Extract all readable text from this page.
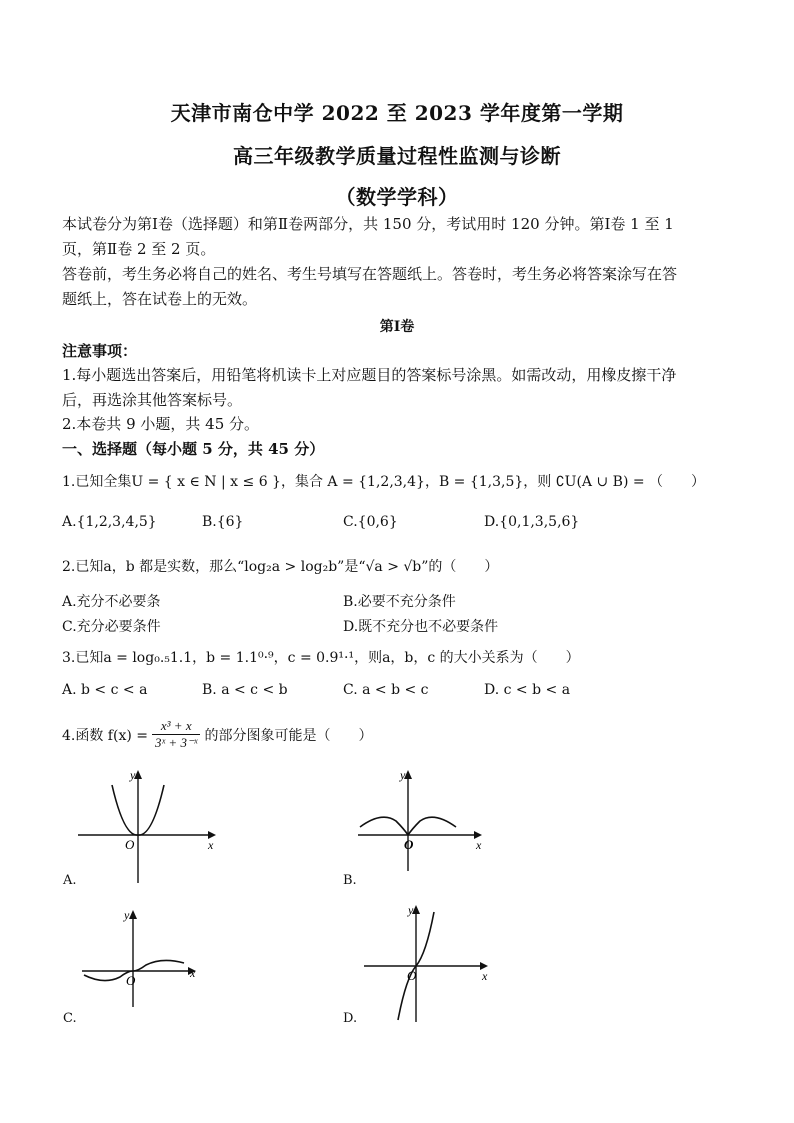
天津市南仓中学 2022 至 2023 学年度第一学期
高三年级教学质量过程性监测与诊断
（数学学科）
本试卷分为第Ⅰ卷（选择题）和第Ⅱ卷两部分，共 150 分，考试用时 120 分钟。第Ⅰ卷 1 至 1
页，第Ⅱ卷 2 至 2 页。
答卷前，考生务必将自己的姓名、考生号填写在答题纸上。答卷时，考生务必将答案涂写在答
题纸上，答在试卷上的无效。
第Ⅰ卷
注意事项：
1.每小题选出答案后，用铅笔将机读卡上对应题目的答案标号涂黑。如需改动，用橡皮擦干净
后，再选涂其他答案标号。
2.本卷共 9 小题，共 45 分。
一、选择题（每小题 5 分，共 45 分）
1.已知全集U = { x ∈ N | x ≤ 6 }，集合 A = {1,2,3,4}，B = {1,3,5}，则 ∁U(A ∪ B) = （　　）
A.{1,2,3,4,5}	B.{6}	C.{0,6}	D.{0,1,3,5,6}
2.已知a，b 都是实数，那么“log₂a > log₂b”是“√a > √b”的（　　）
A.充分不必要条	B.必要不充分条件
C.充分必要条件	D.既不充分也不必要条件
3.已知a = log₀.₅1.1，b = 1.1⁰·⁹，c = 0.9¹·¹，则a，b，c 的大小关系为（　　）
A. b < c < a	B. a < c < b	C. a < b < c	D. c < b < a
4.函数 f(x) =
x³ + x
3ˣ + 3⁻ˣ 的部分图象可能是（　　）
x
y
O
A.
x
y
O
B.
x
y
O
C.
x
y
O
D.
